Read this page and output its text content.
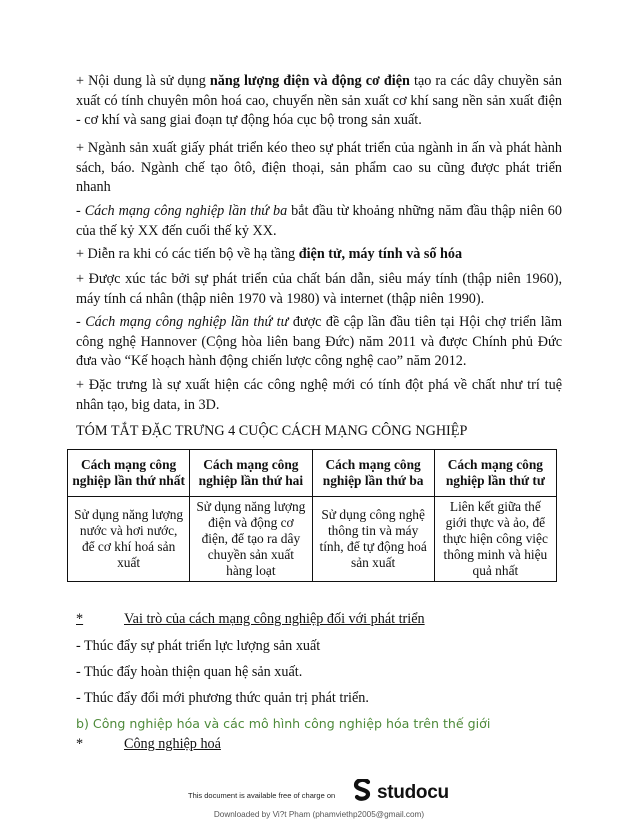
+ Nội dung là sử dụng năng lượng điện và động cơ điện tạo ra các dây chuyền sản xuất có tính chuyên môn hoá cao, chuyển nền sản xuất cơ khí sang nền sản xuất điện - cơ khí và sang giai đoạn tự động hóa cục bộ trong sản xuất.
+ Ngành sản xuất giấy phát triển kéo theo sự phát triển của ngành in ấn và phát hành sách, báo. Ngành chế tạo ôtô, điện thoại, sản phẩm cao su cũng được phát triển nhanh
- Cách mạng công nghiệp lần thứ ba bắt đầu từ khoảng những năm đầu thập niên 60 của thế kỷ XX đến cuối thế kỷ XX.
+ Diễn ra khi có các tiến bộ về hạ tầng điện tử, máy tính và số hóa
+ Được xúc tác bởi sự phát triển của chất bán dẫn, siêu máy tính (thập niên 1960), máy tính cá nhân (thập niên 1970 và 1980) và internet (thập niên 1990).
- Cách mạng công nghiệp lần thứ tư được đề cập lần đầu tiên tại Hội chợ triển lãm công nghệ Hannover (Cộng hòa liên bang Đức) năm 2011 và được Chính phủ Đức đưa vào “Kế hoạch hành động chiến lược công nghệ cao” năm 2012.
+ Đặc trưng là sự xuất hiện các công nghệ mới có tính đột phá về chất như trí tuệ nhân tạo, big data, in 3D.
TÓM TẮT ĐẶC TRƯNG 4 CUỘC CÁCH MẠNG CÔNG NGHIỆP
Cách mạng công nghiệp lần thứ nhất	Cách mạng công nghiệp lần thứ hai	Cách mạng công nghiệp lần thứ ba	Cách mạng công nghiệp lần thứ tư
Sử dụng năng lượng nước và hơi nước, để cơ khí hoá sản xuất	Sử dụng năng lượng điện và động cơ điện, để tạo ra dây chuyền sản xuất hàng loạt	Sử dụng công nghệ thông tin và máy tính, để tự động hoá sản xuất	Liên kết giữa thế giới thực và ảo, để thực hiện công việc thông minh và hiệu quả nhất
*	Vai trò của cách mạng công nghiệp đối với phát triển
- Thúc đẩy sự phát triển lực lượng sản xuất
- Thúc đẩy hoàn thiện quan hệ sản xuất.
- Thúc đẩy đổi mới phương thức quản trị phát triển.
b) Công nghiệp hóa và các mô hình công nghiệp hóa trên thế giới
*	Công nghiệp hoá
This document is available free of charge on studocu
Downloaded by Vi?t Pham (phamviethp2005@gmail.com)
